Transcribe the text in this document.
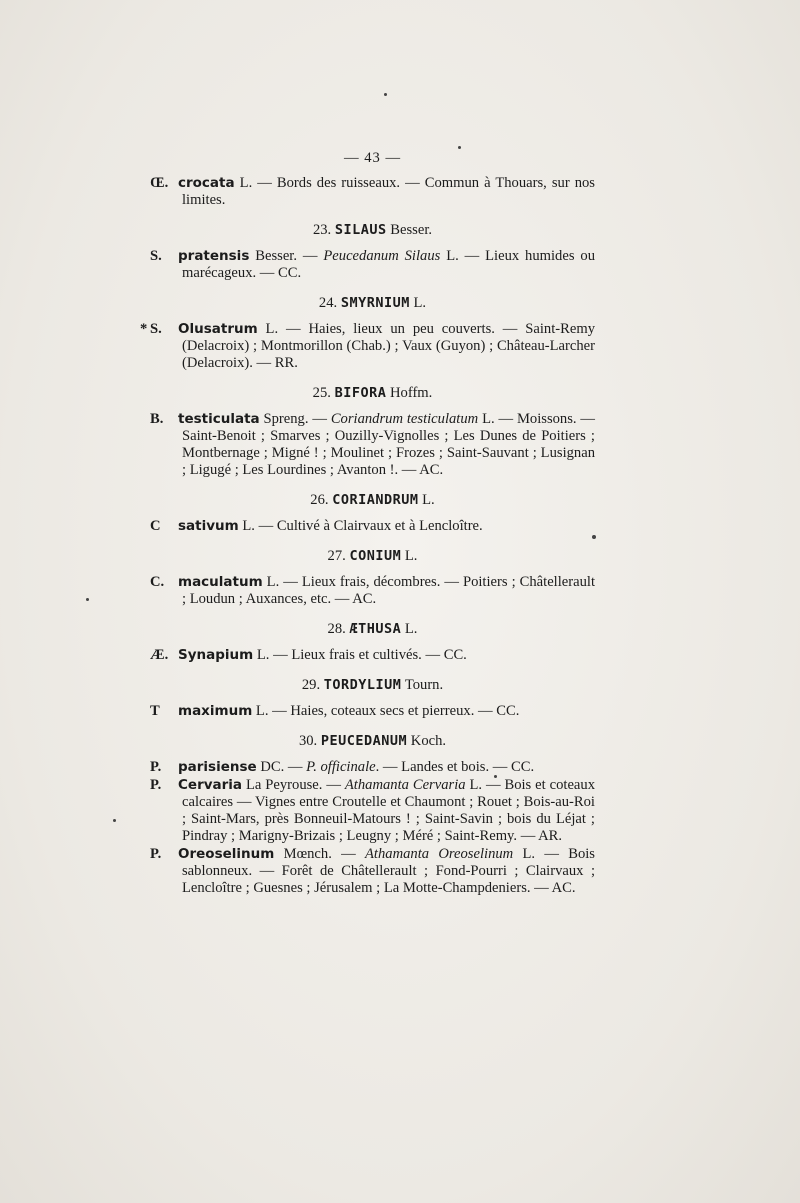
— 43 —
Œ. crocata L. — Bords des ruisseaux. — Commun à Thouars, sur nos limites.
23. SILAUS Besser.
S. pratensis Besser. — Peucedanum Silaus L. — Lieux humides ou marécageux. — CC.
24. SMYRNIUM L.
* S. Olusatrum L. — Haies, lieux un peu couverts. — Saint-Remy (Delacroix) ; Montmorillon (Chab.) ; Vaux (Guyon) ; Château-Larcher (Delacroix). — RR.
25. BIFORA Hoffm.
B. testiculata Spreng. — Coriandrum testiculatum L. — Moissons. — Saint-Benoit ; Smarves ; Ouzilly-Vignolles ; Les Dunes de Poitiers ; Montbernage ; Migné ! ; Moulinet ; Frozes ; Saint-Sauvant ; Lusignan ; Ligugé ; Les Lourdines ; Avanton !. — AC.
26. CORIANDRUM L.
C sativum L. — Cultivé à Clairvaux et à Lencloître.
27. CONIUM L.
C. maculatum L. — Lieux frais, décombres. — Poitiers ; Châtellerault ; Loudun ; Auxances, etc. — AC.
28. ÆTHUSA L.
Æ. Synapium L. — Lieux frais et cultivés. — CC.
29. TORDYLIUM Tourn.
T maximum L. — Haies, coteaux secs et pierreux. — CC.
30. PEUCEDANUM Koch.
P. parisiense DC. — P. officinale. — Landes et bois. — CC.
P. Cervaria La Peyrouse. — Athamanta Cervaria L. — Bois et coteaux calcaires — Vignes entre Croutelle et Chaumont ; Rouet ; Bois-au-Roi ; Saint-Mars, près Bonneuil-Matours ! ; Saint-Savin ; bois du Léjat ; Pindray ; Marigny-Brizais ; Leugny ; Méré ; Saint-Remy. — AR.
P. Oreoselinum Mœnch. — Athamanta Oreoselinum L. — Bois sablonneux. — Forêt de Châtellerault ; Fond-Pourri ; Clairvaux ; Lencloître ; Guesnes ; Jérusalem ; La Motte-Champdeniers. — AC.
